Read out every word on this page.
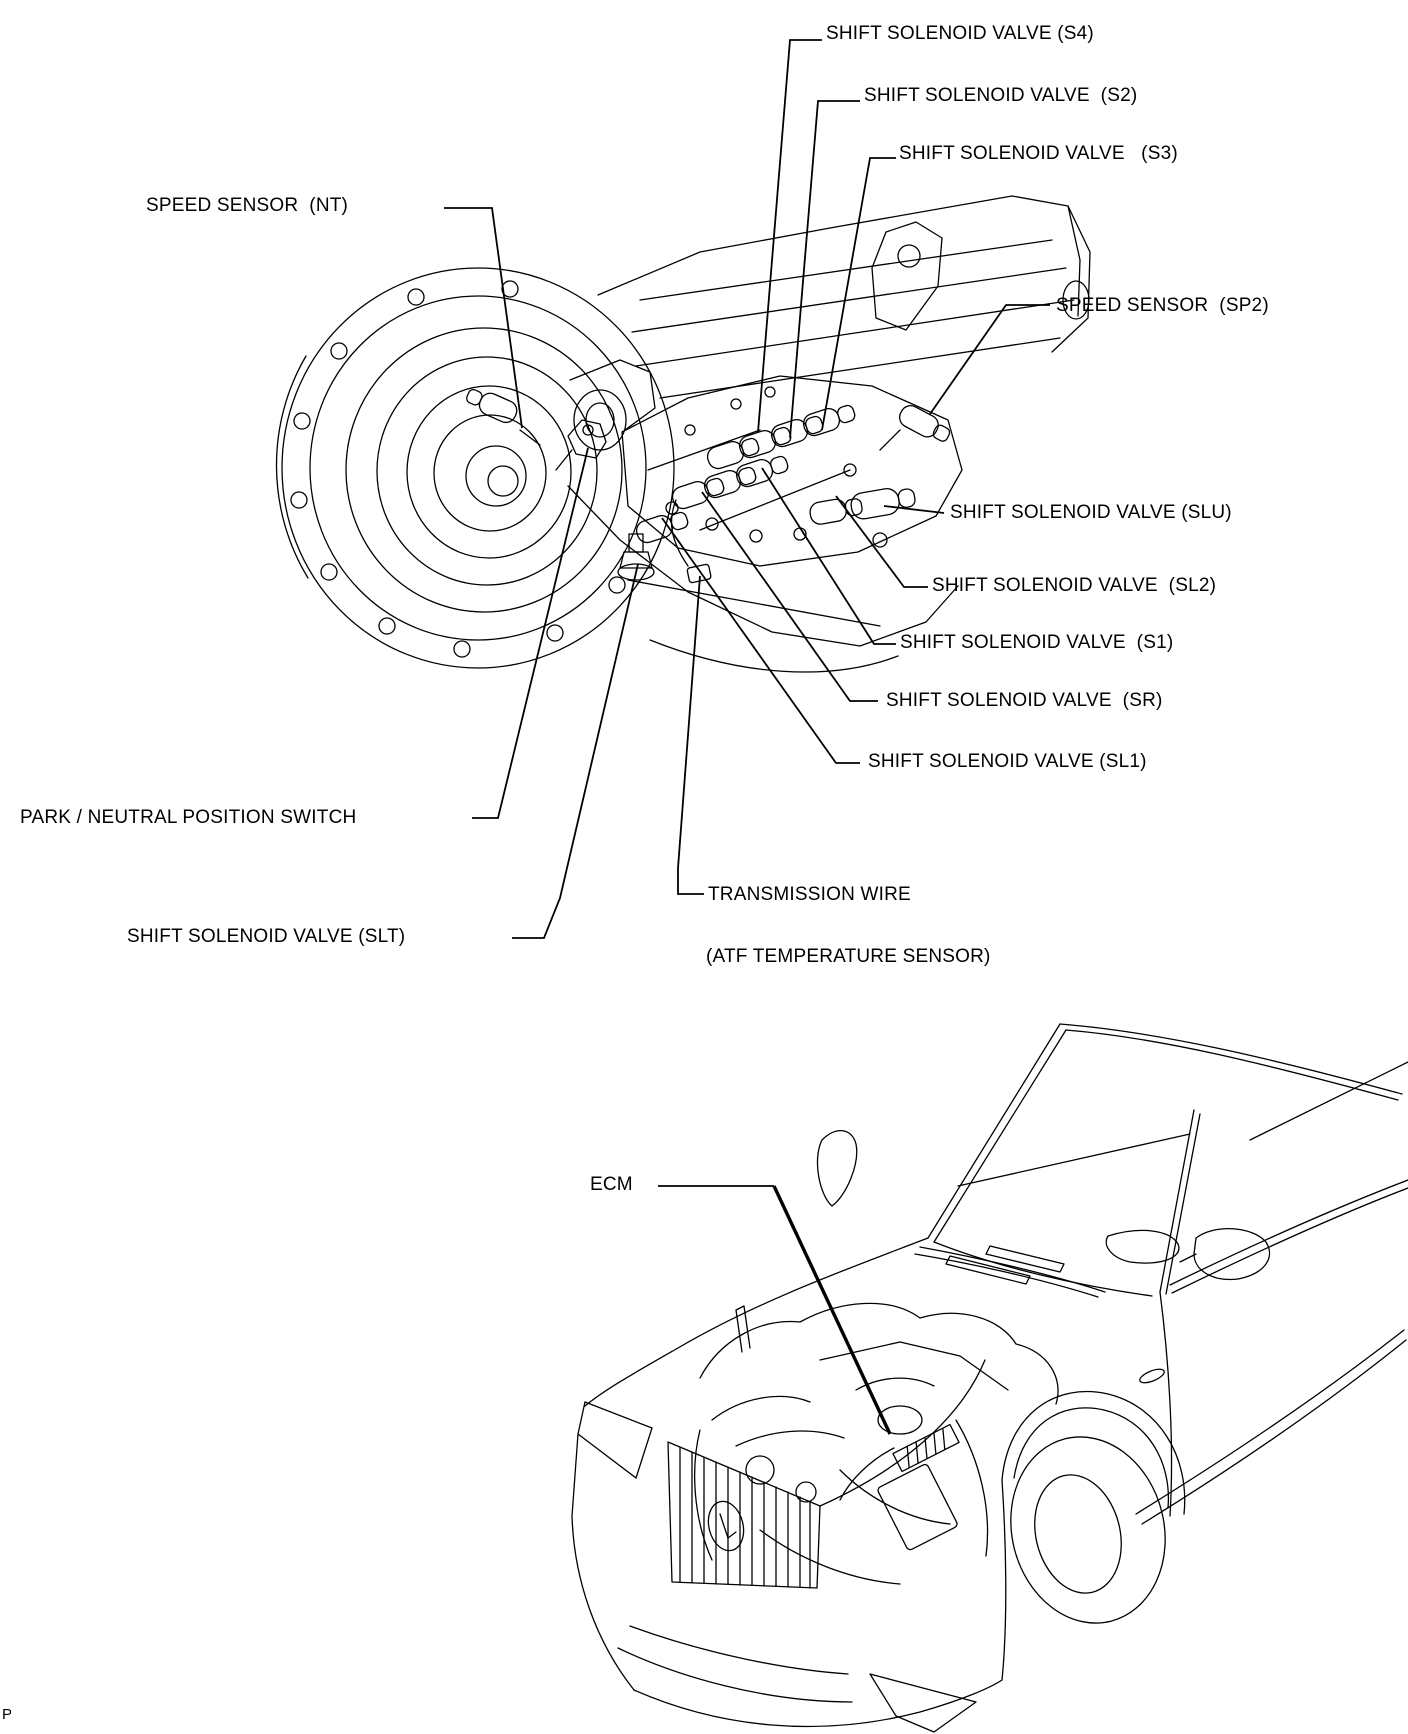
SHIFT SOLENOID VALVE (S4)
SHIFT SOLENOID VALVE  (S2)
SHIFT SOLENOID VALVE   (S3)
SPEED SENSOR  (NT)
SPEED SENSOR  (SP2)
SHIFT SOLENOID VALVE (SLU)
SHIFT SOLENOID VALVE  (SL2)
SHIFT SOLENOID VALVE  (S1)
SHIFT SOLENOID VALVE  (SR)
SHIFT SOLENOID VALVE (SL1)
PARK / NEUTRAL POSITION SWITCH
TRANSMISSION WIRE
SHIFT SOLENOID VALVE (SLT)
(ATF TEMPERATURE SENSOR)
ECM
P
